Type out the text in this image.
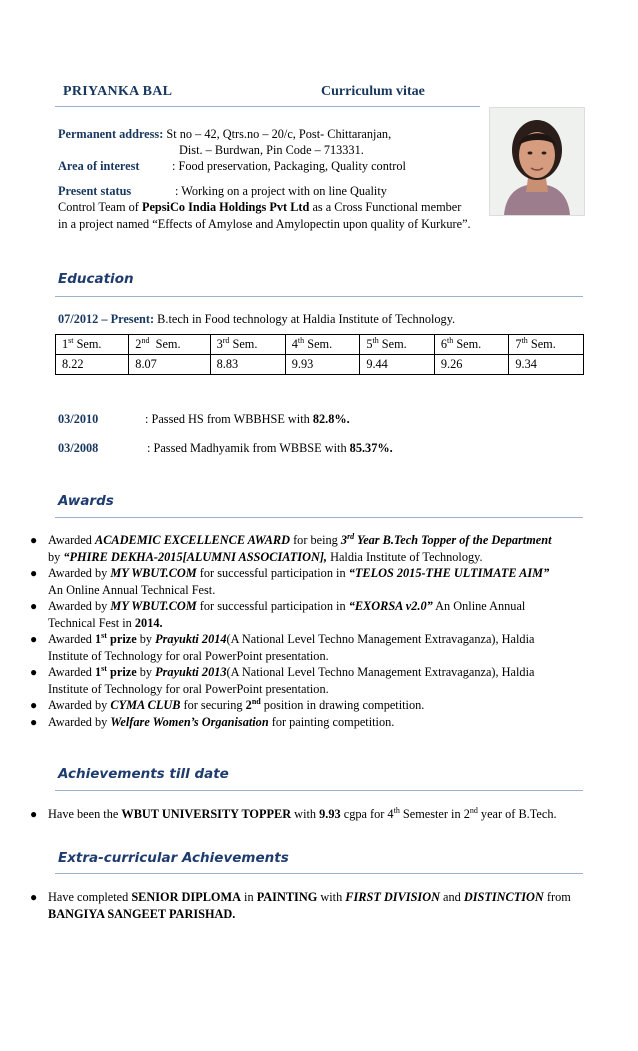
PRIYANKA BAL	Curriculum vitae
Permanent address: St no – 42, Qtrs.no – 20/c, Post- Chittaranjan,
Dist. – Burdwan, Pin Code – 713331.
Area of interest	: Food preservation, Packaging, Quality control
Present status	: Working on a project with on line Quality
Control Team of PepsiCo India Holdings Pvt Ltd as a Cross Functional member
in a project named “Effects of Amylose and Amylopectin upon quality of Kurkure”.
Education
07/2012 – Present: B.tech in Food technology at Haldia Institute of Technology.
1st Sem.	2nd  Sem.	3rd Sem.	4th Sem.	5th Sem.	6th Sem.	7th Sem.
8.22	8.07	8.83	9.93	9.44	9.26	9.34
03/2010	: Passed HS from WBBHSE with 82.8%.
03/2008	: Passed Madhyamik from WBBSE with 85.37%.
Awards
● Awarded ACADEMIC EXCELLENCE AWARD for being 3rd Year B.Tech Topper of the Department
by “PHIRE DEKHA-2015[ALUMNI ASSOCIATION], Haldia Institute of Technology.
● Awarded by MY WBUT.COM for successful participation in “TELOS 2015-THE ULTIMATE AIM”
An Online Annual Technical Fest.
● Awarded by MY WBUT.COM for successful participation in “EXORSA v2.0” An Online Annual
Technical Fest in 2014.
● Awarded 1st prize by Prayukti 2014(A National Level Techno Management Extravaganza), Haldia
Institute of Technology for oral PowerPoint presentation.
● Awarded 1st prize by Prayukti 2013(A National Level Techno Management Extravaganza), Haldia
Institute of Technology for oral PowerPoint presentation.
● Awarded by CYMA CLUB for securing 2nd position in drawing competition.
● Awarded by Welfare Women’s Organisation for painting competition.
Achievements till date
● Have been the WBUT UNIVERSITY TOPPER with 9.93 cgpa for 4th Semester in 2nd year of B.Tech.
Extra-curricular Achievements
● Have completed SENIOR DIPLOMA in PAINTING with FIRST DIVISION and DISTINCTION from
BANGIYA SANGEET PARISHAD.
